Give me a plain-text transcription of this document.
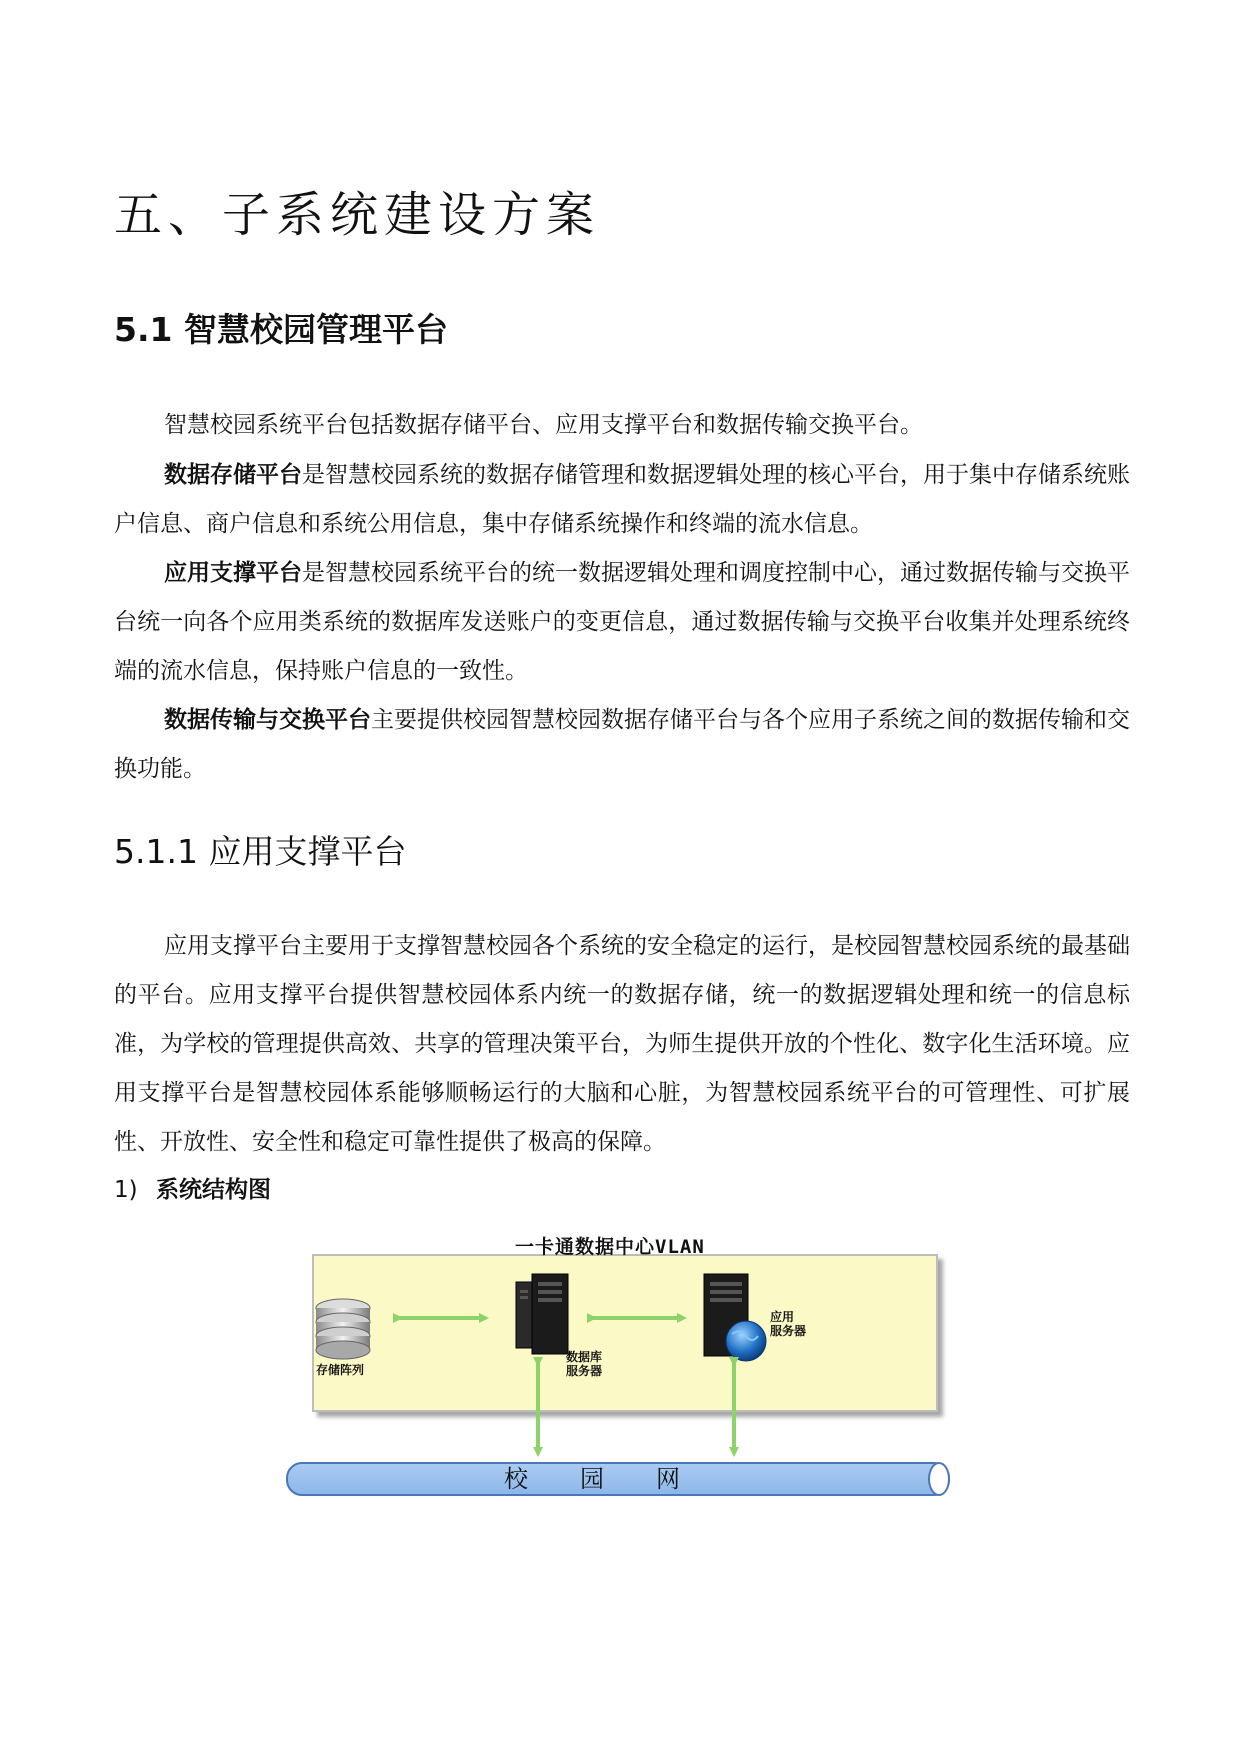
五、子系统建设方案
5.1 智慧校园管理平台

智慧校园系统平台包括数据存储平台、应用支撑平台和数据传输交换平台。

数据存储平台是智慧校园系统的数据存储管理和数据逻辑处理的核心平台，用于集中存储系统账户信息、商户信息和系统公用信息，集中存储系统操作和终端的流水信息。

应用支撑平台是智慧校园系统平台的统一数据逻辑处理和调度控制中心，通过数据传输与交换平台统一向各个应用类系统的数据库发送账户的变更信息，通过数据传输与交换平台收集并处理系统终端的流水信息，保持账户信息的一致性。

数据传输与交换平台主要提供校园智慧校园数据存储平台与各个应用子系统之间的数据传输和交换功能。

5.1.1 应用支撑平台

应用支撑平台主要用于支撑智慧校园各个系统的安全稳定的运行，是校园智慧校园系统的最基础的平台。应用支撑平台提供智慧校园体系内统一的数据存储，统一的数据逻辑处理和统一的信息标准，为学校的管理提供高效、共享的管理决策平台，为师生提供开放的个性化、数字化生活环境。应用支撑平台是智慧校园体系能够顺畅运行的大脑和心脏，为智慧校园系统平台的可管理性、可扩展性、开放性、安全性和稳定可靠性提供了极高的保障。

1) 系统结构图
一卡通数据中心VLAN
存储阵列
数据库
服务器
应用
服务器
校园网
